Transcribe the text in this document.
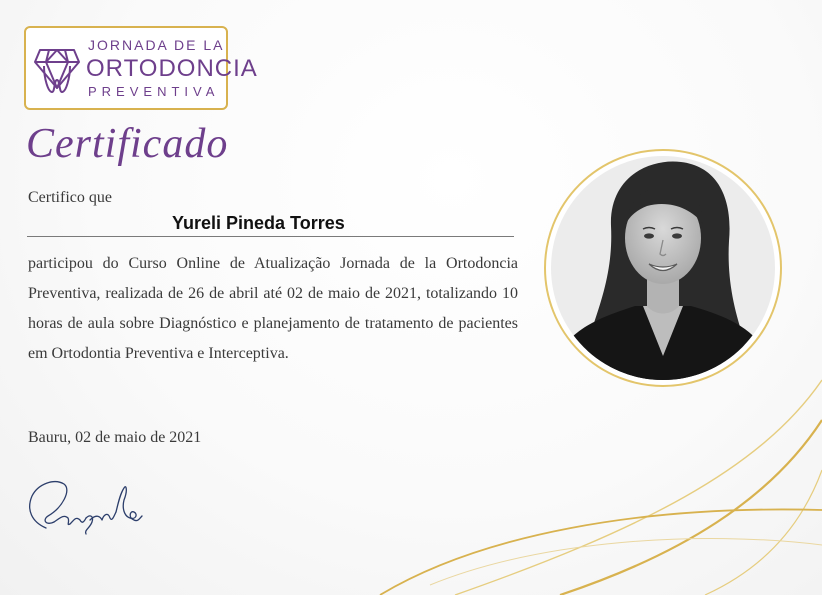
JORNADA DE LA
ORTODONCIA
PREVENTIVA
Certificado
Certifico que
Yureli Pineda Torres

participou do Curso Online de Atualização Jornada de la Ortodoncia Preventiva, realizada de 26 de abril até 02 de maio de 2021, totalizando 10 horas de aula sobre Diagnóstico e planejamento de tratamento de pacientes em Ortodontia Preventiva e Interceptiva.

Bauru, 02 de maio de 2021
